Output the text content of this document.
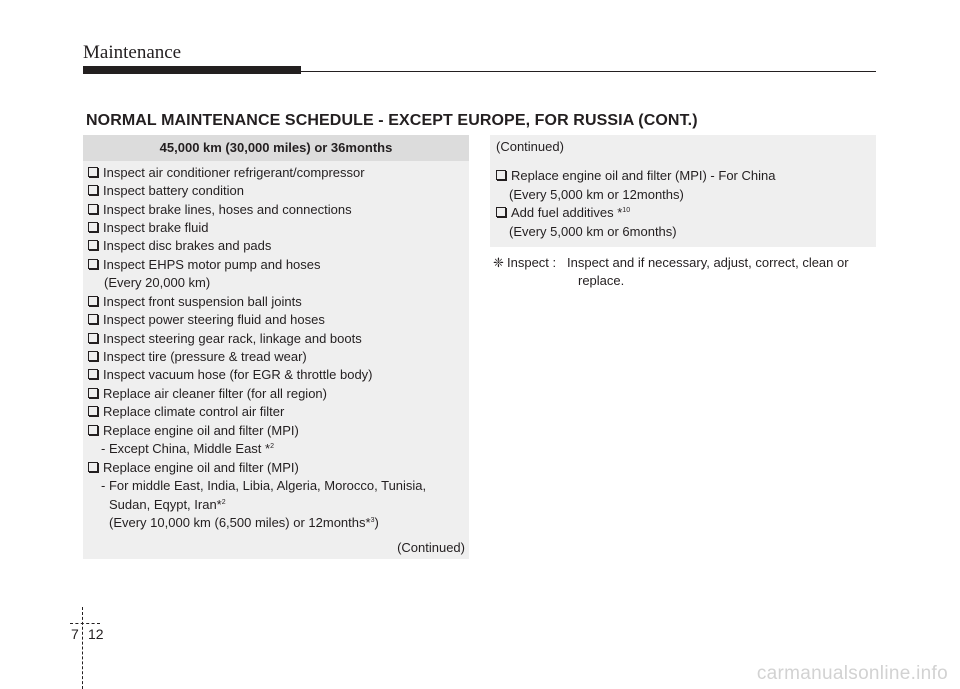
Maintenance
NORMAL MAINTENANCE SCHEDULE - EXCEPT EUROPE, FOR RUSSIA (CONT.)
45,000 km (30,000 miles) or 36months
Inspect air conditioner refrigerant/compressor
Inspect battery condition
Inspect brake lines, hoses and connections
Inspect brake fluid
Inspect disc brakes and pads
Inspect EHPS motor pump and hoses
(Every 20,000 km)
Inspect front suspension ball joints
Inspect power steering fluid and hoses
Inspect steering gear rack, linkage and boots
Inspect tire (pressure & tread wear)
Inspect vacuum hose (for EGR & throttle body)
Replace air cleaner filter (for all region)
Replace climate control air filter
Replace engine oil and filter (MPI)
- Except China, Middle East *$^2$
Replace engine oil and filter (MPI)
- For middle East, India, Libia, Algeria, Morocco, Tunisia,
Sudan, Eqypt, Iran*$^2$
(Every 10,000 km (6,500 miles) or 12months*$^3$)
(Continued)
(Continued)
Replace engine oil and filter (MPI) - For China
(Every 5,000 km or 12months)
Add fuel additives *$^{10}$
(Every 5,000 km or 6months)
❈ Inspect : Inspect and if necessary, adjust, correct, clean or
replace.
7 12
carmanualsonline.info
